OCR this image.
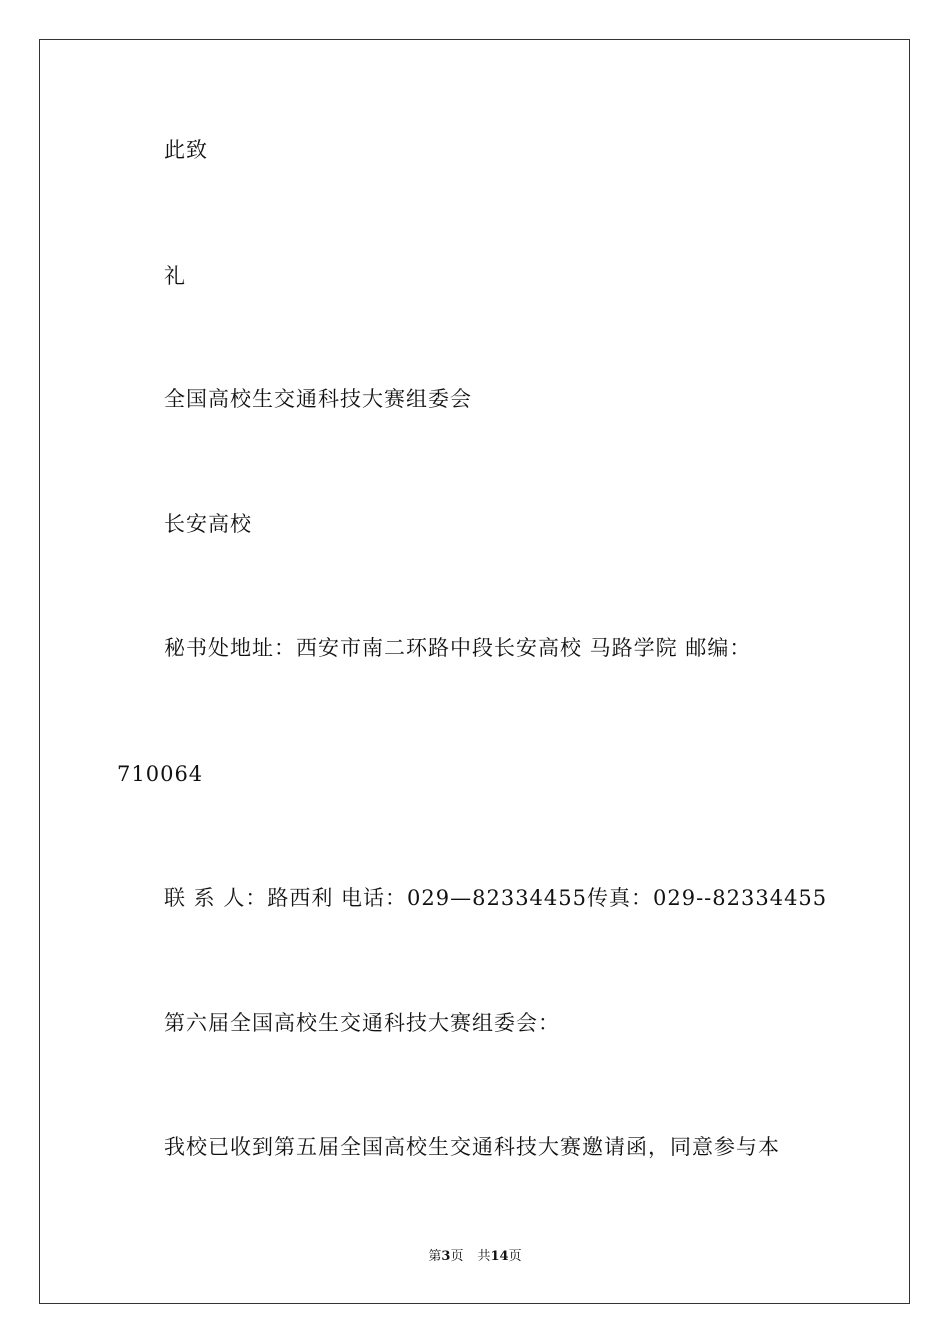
此致
礼
全国高校生交通科技大赛组委会
长安高校
秘书处地址：西安市南二环路中段长安高校 马路学院 邮编：
710064
联 系 人：路西利 电话：029—82334455传真：029--82334455
第六届全国高校生交通科技大赛组委会：
我校已收到第五届全国高校生交通科技大赛邀请函，同意参与本
第3页 共14页
